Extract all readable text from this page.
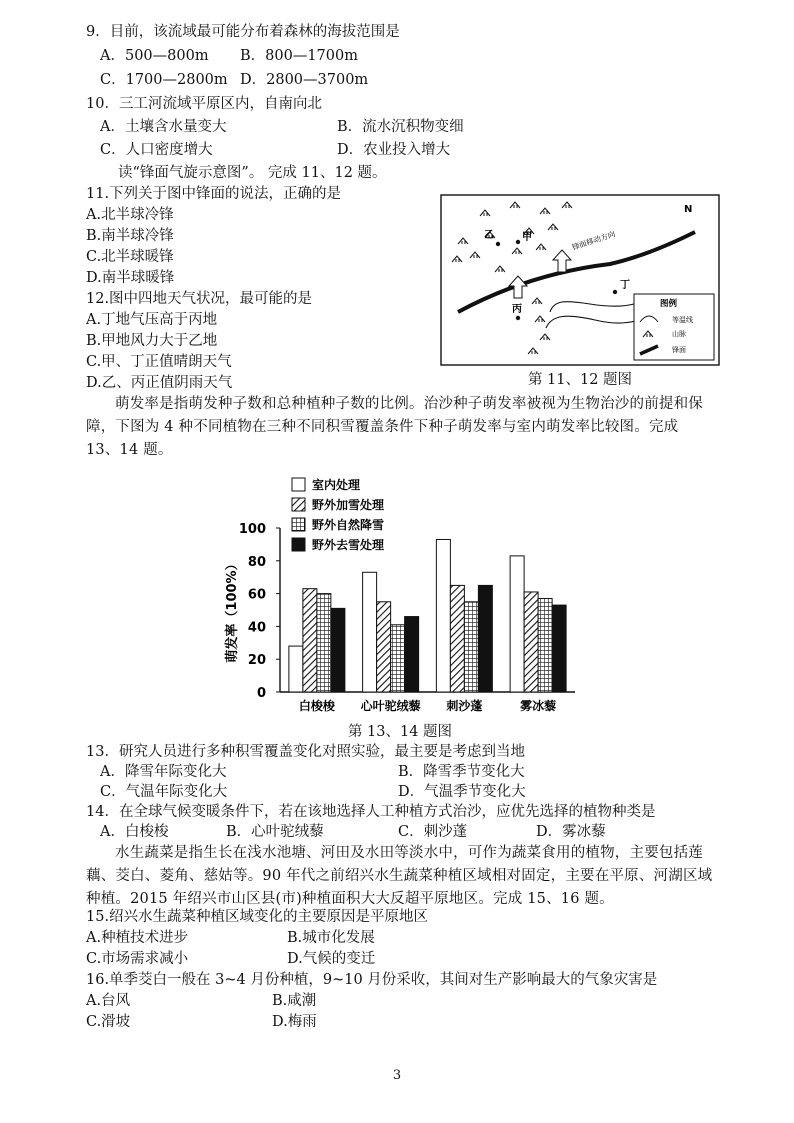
9．目前，该流域最可能分布着森林的海拔范围是
A．500—800m B．800—1700m
C．1700—2800m D．2800—3700m
10．三工河流域平原区内，自南向北
A．土壤含水量变大	B．流水沉积物变细
C．人口密度增大	D．农业投入增大
读“锋面气旋示意图”。 完成 11、12 题。
11.下列关于图中锋面的说法，正确的是
A.北半球冷锋
B.南半球冷锋
C.北半球暖锋
D.南半球暖锋
12.图中四地天气状况，最可能的是
A.丁地气压高于丙地
B.甲地风力大于乙地
C.甲、丁正值晴朗天气
D.乙、丙正值阴雨天气
N
锋面移动方向
乙	甲
丙
丁
图例
等温线
山脉
锋面
第 11、12 题图
萌发率是指萌发种子数和总种植种子数的比例。治沙种子萌发率被视为生物治沙的前提和保障，下图为 4 种不同植物在三种不同积雪覆盖条件下种子萌发率与室内萌发率比较图。完成 13、14 题。
0
20
40
60
80
100
萌发率（100%）
白梭梭 心叶驼绒藜 刺沙蓬	雾冰藜
室内处理
野外加雪处理
野外自然降雪
野外去雪处理
第 13、14 题图
13．研究人员进行多种积雪覆盖变化对照实验，最主要是考虑到当地
A．降雪年际变化大	B．降雪季节变化大
C．气温年际变化大	D．气温季节变化大
14．在全球气候变暖条件下，若在该地选择人工种植方式治沙，应优先选择的植物种类是
A．白梭梭	B．心叶驼绒藜	C．刺沙蓬	D．雾冰藜
水生蔬菜是指生长在浅水池塘、河田及水田等淡水中，可作为蔬菜食用的植物，主要包括莲藕、茭白、菱角、慈姑等。90 年代之前绍兴水生蔬菜种植区域相对固定，主要在平原、河湖区域种植。2015 年绍兴市山区县(市)种植面积大大反超平原地区。完成 15、16 题。
15.绍兴水生蔬菜种植区域变化的主要原因是平原地区
A.种植技术进步	B.城市化发展
C.市场需求减小	D.气候的变迁
16.单季茭白一般在 3~4 月份种植，9~10 月份采收，其间对生产影响最大的气象灾害是
A.台风	B.咸潮
C.滑坡	D.梅雨
3
